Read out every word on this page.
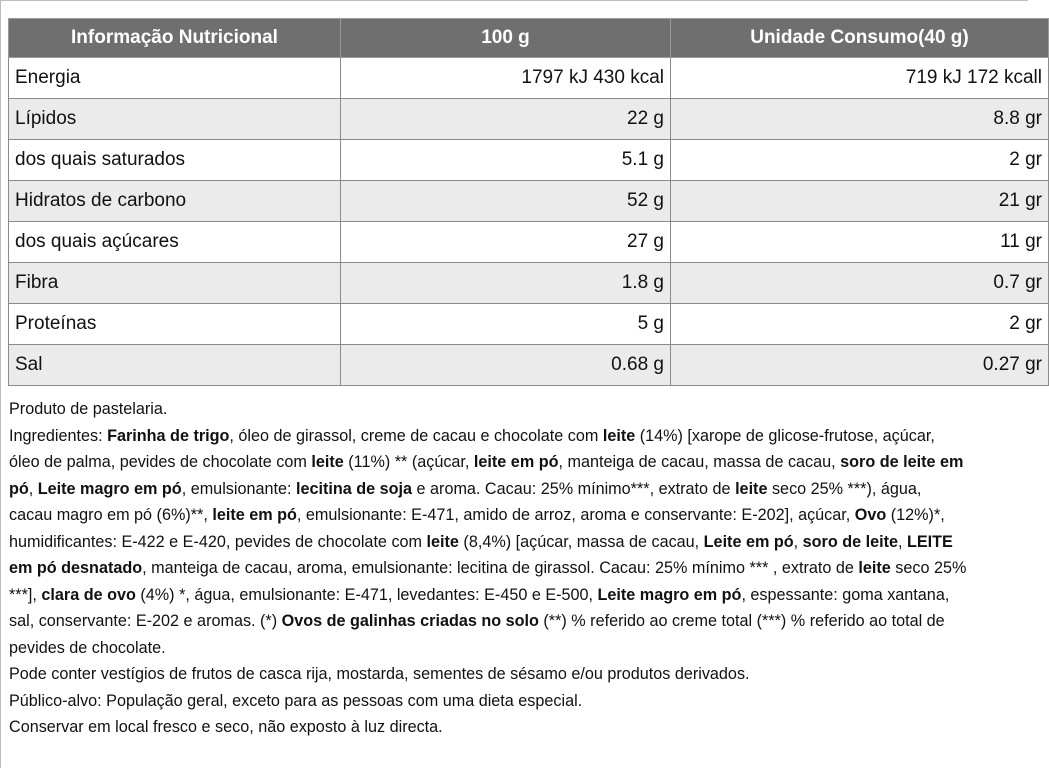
Informação Nutricional	100 g	Unidade Consumo(40 g)
Energia	1797 kJ 430 kcal	719 kJ 172 kcall
Lípidos	22 g	8.8 gr
dos quais saturados	5.1 g	2 gr
Hidratos de carbono	52 g	21 gr
dos quais açúcares	27 g	11 gr
Fibra	1.8 g	0.7 gr
Proteínas	5 g	2 gr
Sal	0.68 g	0.27 gr

Produto de pastelaria.

Ingredientes: Farinha de trigo, óleo de girassol, creme de cacau e chocolate com leite (14%) [xarope de glicose-frutose, açúcar, óleo de palma, pevides de chocolate com leite (11%) ** (açúcar, leite em pó, manteiga de cacau, massa de cacau, soro de leite em pó, Leite magro em pó, emulsionante: lecitina de soja e aroma. Cacau: 25% mínimo***, extrato de leite seco 25% ***), água, cacau magro em pó (6%)**, leite em pó, emulsionante: E-471, amido de arroz, aroma e conservante: E-202], açúcar, Ovo (12%)*, humidificantes: E-422 e E-420, pevides de chocolate com leite (8,4%) [açúcar, massa de cacau, Leite em pó, soro de leite, LEITE em pó desnatado, manteiga de cacau, aroma, emulsionante: lecitina de girassol. Cacau: 25% mínimo *** , extrato de leite seco 25% ***], clara de ovo (4%) *, água, emulsionante: E-471, levedantes: E-450 e E-500, Leite magro em pó, espessante: goma xantana, sal, conservante: E-202 e aromas. (*) Ovos de galinhas criadas no solo (**) % referido ao creme total (***) % referido ao total de pevides de chocolate.

Pode conter vestígios de frutos de casca rija, mostarda, sementes de sésamo e/ou produtos derivados.

Público-alvo: População geral, exceto para as pessoas com uma dieta especial.

Conservar em local fresco e seco, não exposto à luz directa.
